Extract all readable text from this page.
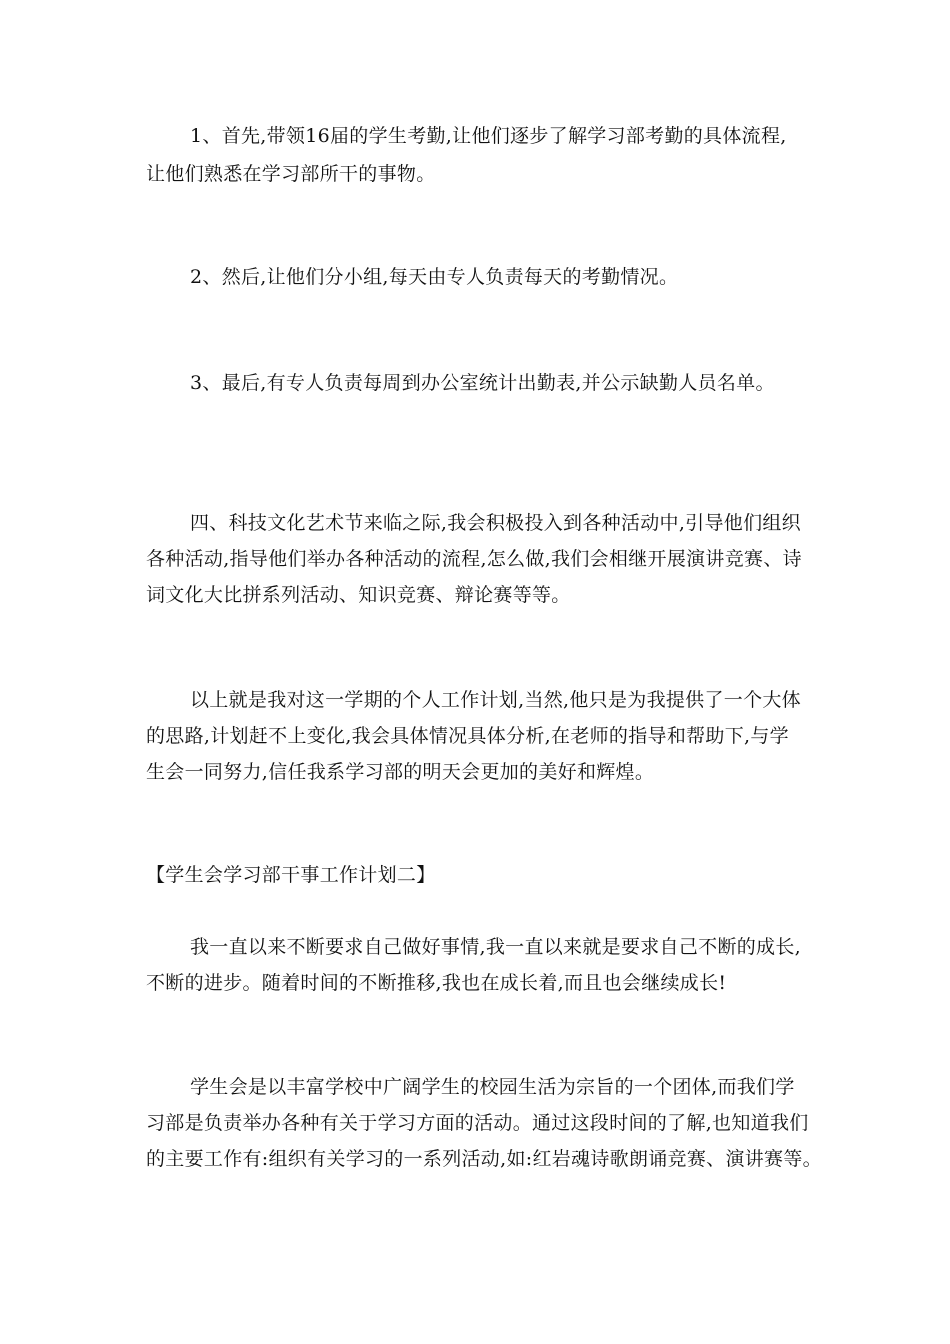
1、首先,带领16届的学生考勤,让他们逐步了解学习部考勤的具体流程,
让他们熟悉在学习部所干的事物。
2、然后,让他们分小组,每天由专人负责每天的考勤情况。
3、最后,有专人负责每周到办公室统计出勤表,并公示缺勤人员名单。
四、科技文化艺术节来临之际,我会积极投入到各种活动中,引导他们组织
各种活动,指导他们举办各种活动的流程,怎么做,我们会相继开展演讲竞赛、诗
词文化大比拼系列活动、知识竞赛、辩论赛等等。
以上就是我对这一学期的个人工作计划,当然,他只是为我提供了一个大体
的思路,计划赶不上变化,我会具体情况具体分析,在老师的指导和帮助下,与学
生会一同努力,信任我系学习部的明天会更加的美好和辉煌。
【学生会学习部干事工作计划二】
我一直以来不断要求自己做好事情,我一直以来就是要求自己不断的成长,
不断的进步。随着时间的不断推移,我也在成长着,而且也会继续成长!
学生会是以丰富学校中广阔学生的校园生活为宗旨的一个团体,而我们学
习部是负责举办各种有关于学习方面的活动。通过这段时间的了解,也知道我们
的主要工作有:组织有关学习的一系列活动,如:红岩魂诗歌朗诵竞赛、演讲赛等。
